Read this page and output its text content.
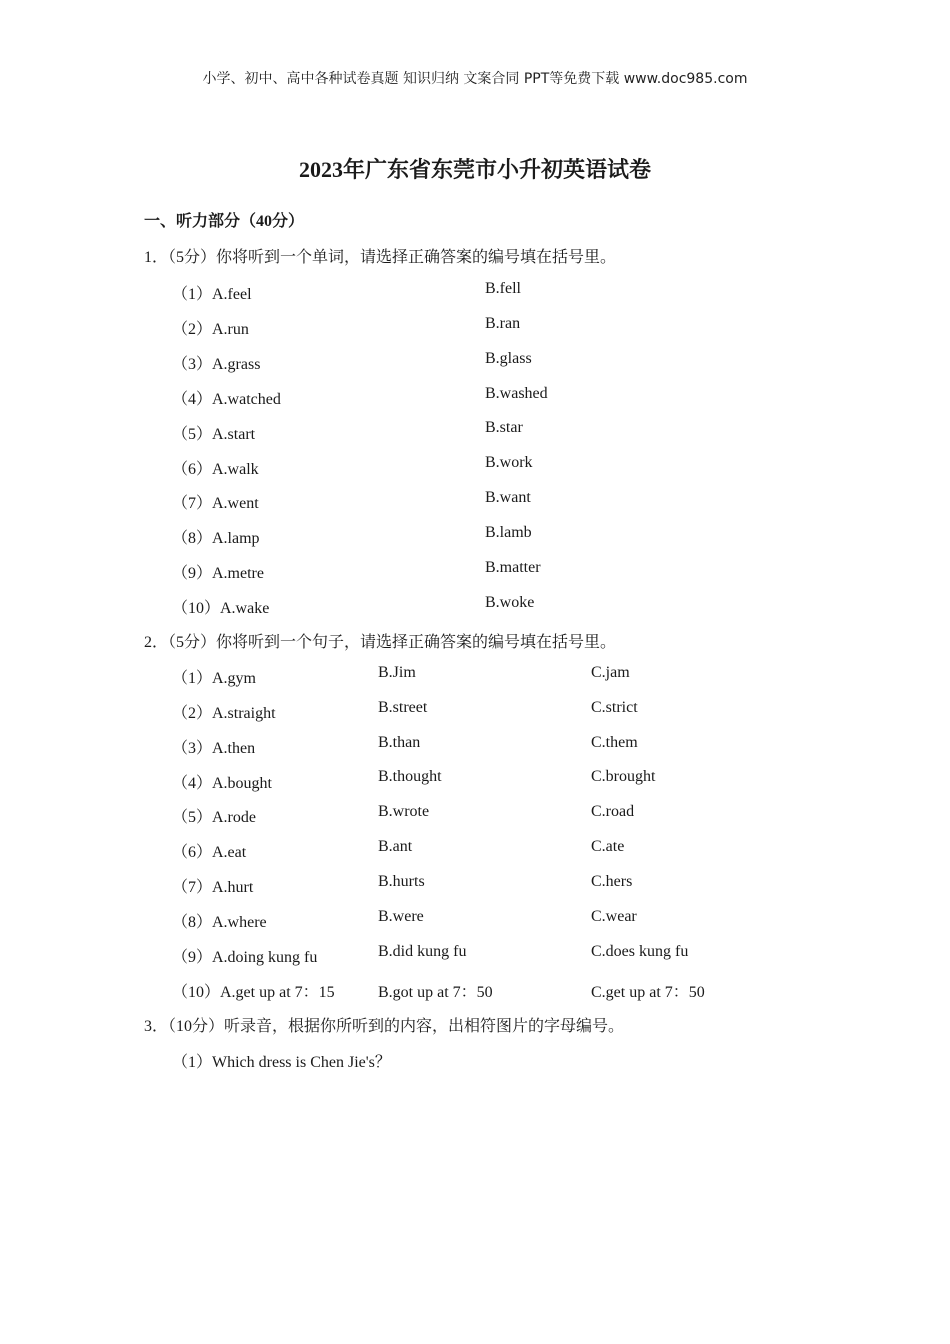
小学、初中、高中各种试卷真题 知识归纳 文案合同 PPT等免费下载 www.doc985.com
2023年广东省东莞市小升初英语试卷
一、听力部分（40分）
1．（5分）你将听到一个单词，请选择正确答案的编号填在括号里。
（1）A.feel	B.fell
（2）A.run	B.ran
（3）A.grass	B.glass
（4）A.watched	B.washed
（5）A.start	B.star
（6）A.walk	B.work
（7）A.went	B.want
（8）A.lamp	B.lamb
（9）A.metre	B.matter
（10）A.wake	B.woke
2．（5分）你将听到一个句子，请选择正确答案的编号填在括号里。
（1）A.gym	B.Jim	C.jam
（2）A.straight	B.street	C.strict
（3）A.then	B.than	C.them
（4）A.bought	B.thought	C.brought
（5）A.rode	B.wrote	C.road
（6）A.eat	B.ant	C.ate
（7）A.hurt	B.hurts	C.hers
（8）A.where	B.were	C.wear
（9）A.doing kung fu	B.did kung fu	C.does kung fu
（10）A.get up at 7：15	B.got up at 7：50	C.get up at 7：50
3．（10分）听录音，根据你所听到的内容，出相符图片的字母编号。
（1）Which dress is Chen Jie's？
